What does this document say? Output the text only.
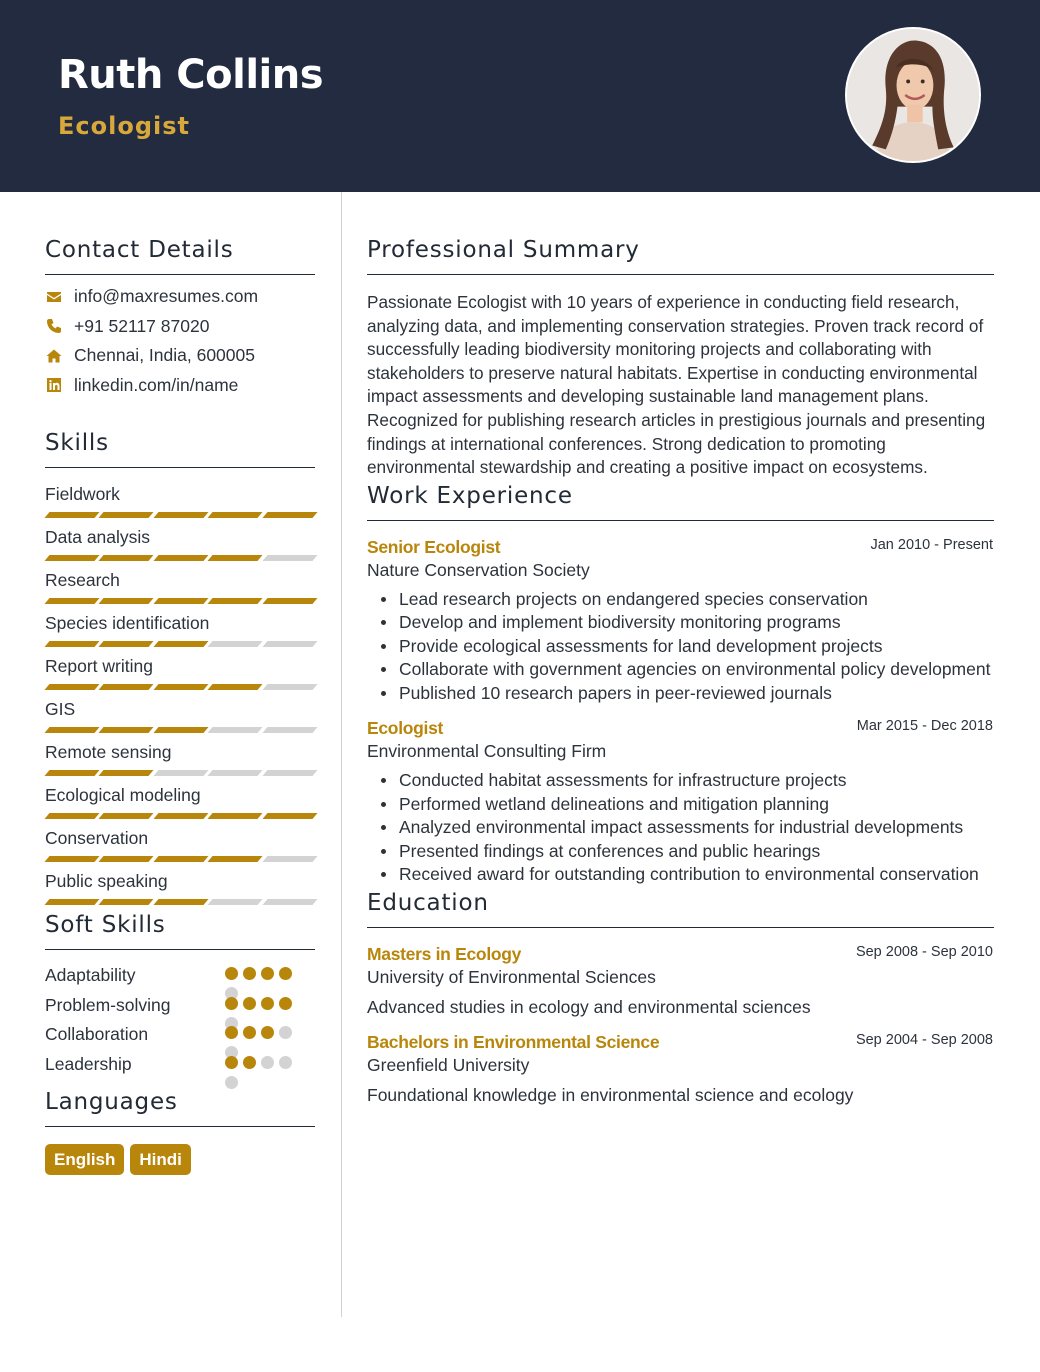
Ruth Collins
Ecologist
Contact Details
info@maxresumes.com
+91 52117 87020
Chennai, India, 600005
linkedin.com/in/name
Skills
Fieldwork
Data analysis
Research
Species identification
Report writing
GIS
Remote sensing
Ecological modeling
Conservation
Public speaking
Soft Skills
Adaptability
Problem-solving
Collaboration
Leadership
Languages
English	Hindi
Professional Summary

Passionate Ecologist with 10 years of experience in conducting field research, analyzing data, and implementing conservation strategies. Proven track record of successfully leading biodiversity monitoring projects and collaborating with stakeholders to preserve natural habitats. Expertise in conducting environmental impact assessments and developing sustainable land management plans. Recognized for publishing research articles in prestigious journals and presenting findings at international conferences. Strong dedication to promoting environmental stewardship and creating a positive impact on ecosystems.

Work Experience
Senior Ecologist	Jan 2010 - Present
Nature Conservation Society
Lead research projects on endangered species conservation
Develop and implement biodiversity monitoring programs
Provide ecological assessments for land development projects
Collaborate with government agencies on environmental policy development
Published 10 research papers in peer-reviewed journals
Ecologist	Mar 2015 - Dec 2018
Environmental Consulting Firm
Conducted habitat assessments for infrastructure projects
Performed wetland delineations and mitigation planning
Analyzed environmental impact assessments for industrial developments
Presented findings at conferences and public hearings
Received award for outstanding contribution to environmental conservation
Education
Masters in Ecology	Sep 2008 - Sep 2010
University of Environmental Sciences
Advanced studies in ecology and environmental sciences
Bachelors in Environmental Science	Sep 2004 - Sep 2008
Greenfield University
Foundational knowledge in environmental science and ecology
